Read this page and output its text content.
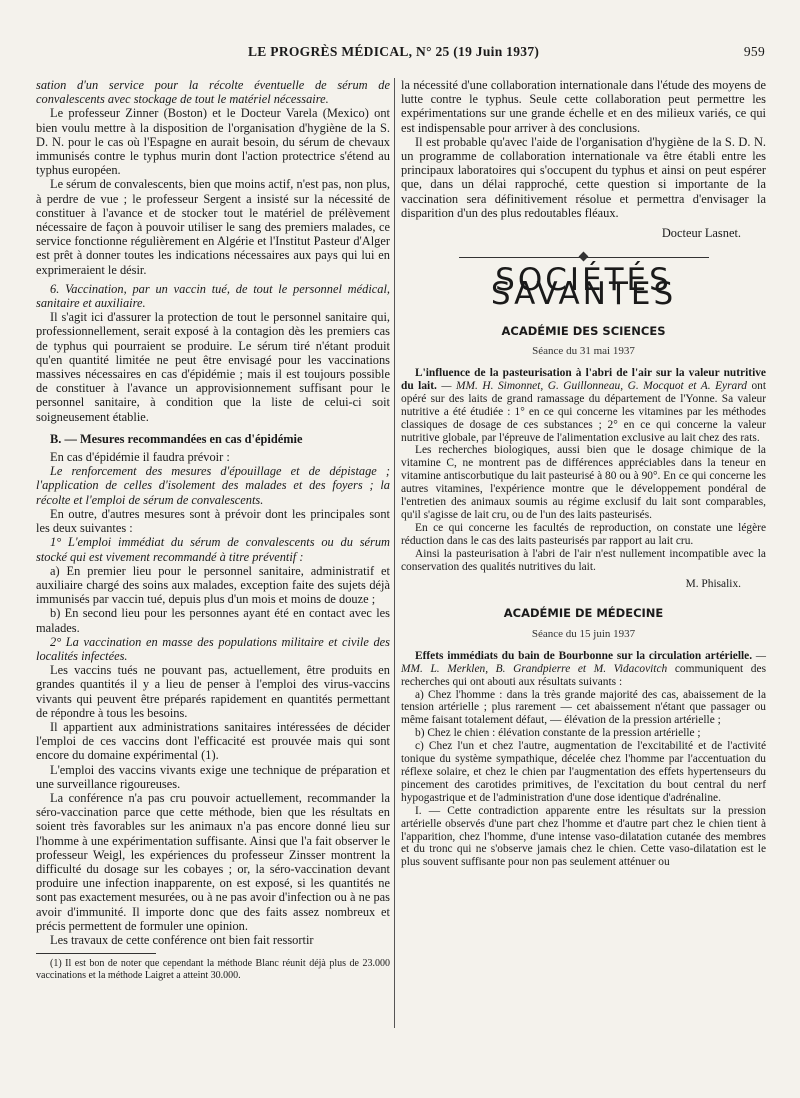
LE PROGRÈS MÉDICAL, N° 25 (19 Juin 1937)	959

sation d'un service pour la récolte éventuelle de sérum de convalescents avec stockage de tout le matériel nécessaire.

Le professeur Zinner (Boston) et le Docteur Varela (Mexico) ont bien voulu mettre à la disposition de l'organisation d'hygiène de la S. D. N. pour le cas où l'Espagne en aurait besoin, du sérum de chevaux immunisés contre le typhus murin dont l'action protectrice s'étend au typhus européen.

Le sérum de convalescents, bien que moins actif, n'est pas, non plus, à perdre de vue ; le professeur Sergent a insisté sur la nécessité de constituer à l'avance et de stocker tout le matériel de prélèvement nécessaire de façon à pouvoir utiliser le sang des premiers malades, ce service fonctionne régulièrement en Algérie et l'Institut Pasteur d'Alger est prêt à donner toutes les indications nécessaires aux pays qui lui en exprimeraient le désir.

6. Vaccination, par un vaccin tué, de tout le personnel médical, sanitaire et auxiliaire.

Il s'agit ici d'assurer la protection de tout le personnel sanitaire qui, professionnellement, serait exposé à la contagion dès les premiers cas de typhus qui pourraient se produire. Le sérum tiré n'étant produit qu'en quantité limitée ne peut être envisagé pour les vaccinations massives nécessaires en cas d'épidémie ; mais il est toujours possible de constituer à l'avance un approvisionnement suffisant pour le personnel sanitaire, à condition que la liste de celui-ci soit soigneusement établie.

B. — Mesures recommandées en cas d'épidémie

En cas d'épidémie il faudra prévoir :

Le renforcement des mesures d'épouillage et de dépistage ; l'application de celles d'isolement des malades et des foyers ; la récolte et l'emploi de sérum de convalescents.

En outre, d'autres mesures sont à prévoir dont les principales sont les deux suivantes :

1° L'emploi immédiat du sérum de convalescents ou du sérum stocké qui est vivement recommandé à titre préventif :

a) En premier lieu pour le personnel sanitaire, administratif et auxiliaire chargé des soins aux malades, exception faite des sujets déjà immunisés par vaccin tué, depuis plus d'un mois et moins de douze ;

b) En second lieu pour les personnes ayant été en contact avec les malades.

2° La vaccination en masse des populations militaire et civile des localités infectées.

Les vaccins tués ne pouvant pas, actuellement, être produits en grandes quantités il y a lieu de penser à l'emploi des virus-vaccins vivants qui peuvent être préparés rapidement en quantités permettant de répondre à tous les besoins.

Il appartient aux administrations sanitaires intéressées de décider l'emploi de ces vaccins dont l'efficacité est prouvée mais qui sont encore du domaine expérimental (1).

L'emploi des vaccins vivants exige une technique de préparation et une surveillance rigoureuses.

La conférence n'a pas cru pouvoir actuellement, recommander la séro-vaccination parce que cette méthode, bien que les résultats en soient très favorables sur les animaux n'a pas encore donné lieu sur l'homme à une expérimentation suffisante. Ainsi que l'a fait observer le professeur Weigl, les expériences du professeur Zinsser montrent la difficulté du dosage sur les cobayes ; or, la séro-vaccination devant produire une infection inapparente, on est exposé, si les quantités ne sont pas exactement mesurées, ou à ne pas avoir d'infection ou à ne pas avoir d'immunité. Il importe donc que des faits assez nombreux et précis permettent de formuler une opinion.

Les travaux de cette conférence ont bien fait ressortir

(1) Il est bon de noter que cependant la méthode Blanc réunit déjà plus de 23.000 vaccinations et la méthode Laigret a atteint 30.000.

la nécessité d'une collaboration internationale dans l'étude des moyens de lutte contre le typhus. Seule cette collaboration peut permettre les expérimentations sur une grande échelle et en des milieux variés, ce qui est indispensable pour arriver à des conclusions.

Il est probable qu'avec l'aide de l'organisation d'hygiène de la S. D. N. un programme de collaboration internationale va être établi entre les principaux laboratoires qui s'occupent du typhus et ainsi on peut espérer que, dans un délai rapproché, cette question si importante de la vaccination sera définitivement résolue et permettra d'envisager la disparition d'un des plus redoutables fléaux.

Docteur Lasnet.

SOCIÉTÉS SAVANTES
ACADÉMIE DES SCIENCES
Séance du 31 mai 1937

L'influence de la pasteurisation à l'abri de l'air sur la valeur nutritive du lait. — MM. H. Simonnet, G. Guillonneau, G. Mocquot et A. Eyrard ont opéré sur des laits de grand ramassage du département de l'Yonne. Sa valeur nutritive a été étudiée : 1° en ce qui concerne les vitamines par les méthodes classiques de dosage de ces substances ; 2° en ce qui concerne la valeur nutritive globale, par l'épreuve de l'alimentation exclusive au lait chez des rats.

Les recherches biologiques, aussi bien que le dosage chimique de la vitamine C, ne montrent pas de différences appréciables dans la teneur en vitamine antiscorbutique du lait pasteurisé à 80 ou à 90°. En ce qui concerne les autres vitamines, l'expérience montre que le développement pondéral de l'entretien des animaux soumis au régime exclusif du lait sont comparables, qu'il s'agisse de lait cru, ou de l'un des laits pasteurisés.

En ce qui concerne les facultés de reproduction, on constate une légère réduction dans le cas des laits pasteurisés par rapport au lait cru.

Ainsi la pasteurisation à l'abri de l'air n'est nullement incompatible avec la conservation des qualités nutritives du lait.

M. Phisalix.

ACADÉMIE DE MÉDECINE
Séance du 15 juin 1937

Effets immédiats du bain de Bourbonne sur la circulation artérielle. — MM. L. Merklen, B. Grandpierre et M. Vidacovitch communiquent des recherches qui ont abouti aux résultats suivants :

a) Chez l'homme : dans la très grande majorité des cas, abaissement de la tension artérielle ; plus rarement — cet abaissement n'étant que passager ou même faisant totalement défaut, — élévation de la pression artérielle ;

b) Chez le chien : élévation constante de la pression artérielle ;

c) Chez l'un et chez l'autre, augmentation de l'excitabilité et de l'activité tonique du système sympathique, décelée chez l'homme par l'accentuation du réflexe solaire, et chez le chien par l'augmentation des effets hypertenseurs du pincement des carotides primitives, de l'excitation du bout central du nerf hypogastrique et de l'administration d'une dose identique d'adrénaline.

I. — Cette contradiction apparente entre les résultats sur la pression artérielle observés d'une part chez l'homme et d'autre part chez le chien tient à l'apparition, chez l'homme, d'une intense vaso-dilatation cutanée des membres et du tronc qui ne s'observe jamais chez le chien. Cette vaso-dilatation est le plus souvent suffisante pour non pas seulement atténuer ou
